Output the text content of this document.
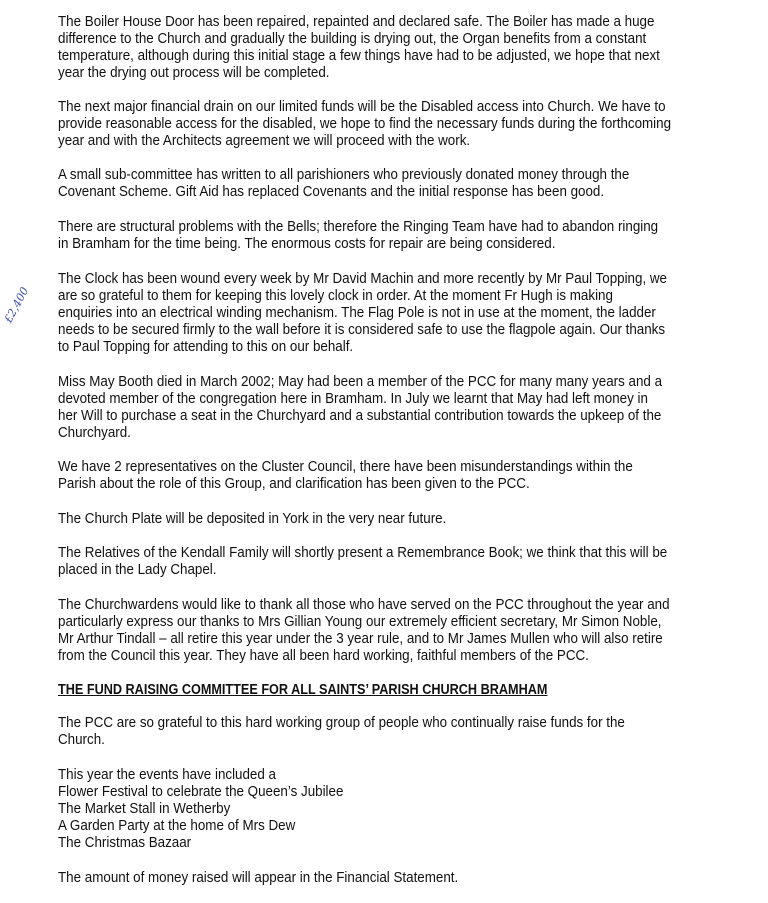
The Boiler House Door has been repaired, repainted and declared safe. The Boiler has made a huge
difference to the Church and gradually the building is drying out, the Organ benefits from a constant
temperature, although during this initial stage a few things have had to be adjusted, we hope that next
year the drying out process will be completed.
The next major financial drain on our limited funds will be the Disabled access into Church. We have to
provide reasonable access for the disabled, we hope to find the necessary funds during the forthcoming
year and with the Architects agreement we will proceed with the work.
A small sub-committee has written to all parishioners who previously donated money through the
Covenant Scheme. Gift Aid has replaced Covenants and the initial response has been good.
There are structural problems with the Bells; therefore the Ringing Team have had to abandon ringing
in Bramham for the time being. The enormous costs for repair are being considered.
The Clock has been wound every week by Mr David Machin and more recently by Mr Paul Topping, we
are so grateful to them for keeping this lovely clock in order. At the moment Fr Hugh is making
enquiries into an electrical winding mechanism. The Flag Pole is not in use at the moment, the ladder
needs to be secured firmly to the wall before it is considered safe to use the flagpole again. Our thanks
to Paul Topping for attending to this on our behalf.
£2,400
Miss May Booth died in March 2002; May had been a member of the PCC for many many years and a
devoted member of the congregation here in Bramham. In July we learnt that May had left money in
her Will to purchase a seat in the Churchyard and a substantial contribution towards the upkeep of the
Churchyard.
We have 2 representatives on the Cluster Council, there have been misunderstandings within the
Parish about the role of this Group, and clarification has been given to the PCC.
The Church Plate will be deposited in York in the very near future.
The Relatives of the Kendall Family will shortly present a Remembrance Book; we think that this will be
placed in the Lady Chapel.
The Churchwardens would like to thank all those who have served on the PCC throughout the year and
particularly express our thanks to Mrs Gillian Young our extremely efficient secretary, Mr Simon Noble,
Mr Arthur Tindall – all retire this year under the 3 year rule, and to Mr James Mullen who will also retire
from the Council this year. They have all been hard working, faithful members of the PCC.
THE FUND RAISING COMMITTEE FOR ALL SAINTS’ PARISH CHURCH BRAMHAM
The PCC are so grateful to this hard working group of people who continually raise funds for the
Church.
This year the events have included a
Flower Festival to celebrate the Queen’s Jubilee
The Market Stall in Wetherby
A Garden Party at the home of Mrs Dew
The Christmas Bazaar
The amount of money raised will appear in the Financial Statement.
